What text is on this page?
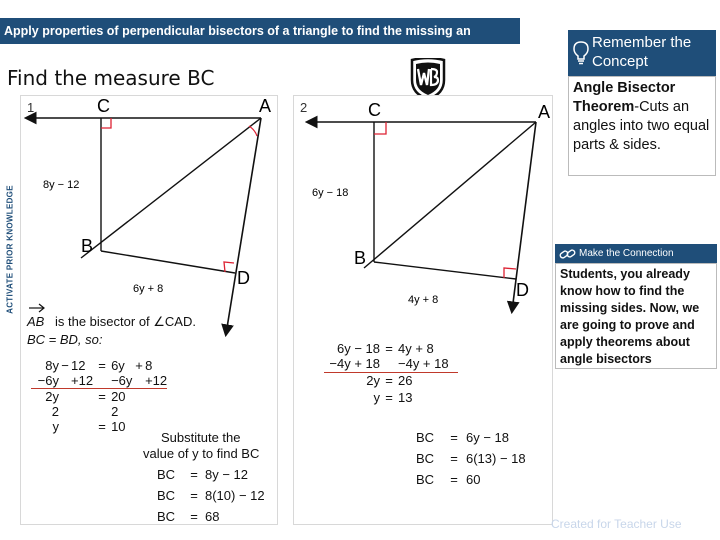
Apply properties of perpendicular bisectors of a triangle to find the missing an
ACTIVATE PRIOR KNOWLEDGE
Find the measure BC
1	C	A
B
D
8y − 12
6y + 8
AB is the bisector of ∠CAD.
BC = BD, so:
8y	−	12	=	6y	+	8
−6y		+12		−6y		+12
2y			=	20		
2				2		
y			=	10		
Substitute the
value of y to find BC
BC	=	8y − 12
BC	=	8(10) − 12
BC	=	68
2	C	A
B
D
6y − 18
4y + 8
6y − 18	=	4y + 8
−4y + 18		−4y + 18
2y	=	26
y	=	13
BC	=	6y − 18
BC	=	6(13) − 18
BC	=	60
Remember the
Concept
Angle Bisector Theorem-Cuts an angles into two equal parts & sides.
Make the Connection
Students, you already know how to find the missing sides. Now, we are going to prove and apply theorems about angle bisectors
Created for Teacher Use
